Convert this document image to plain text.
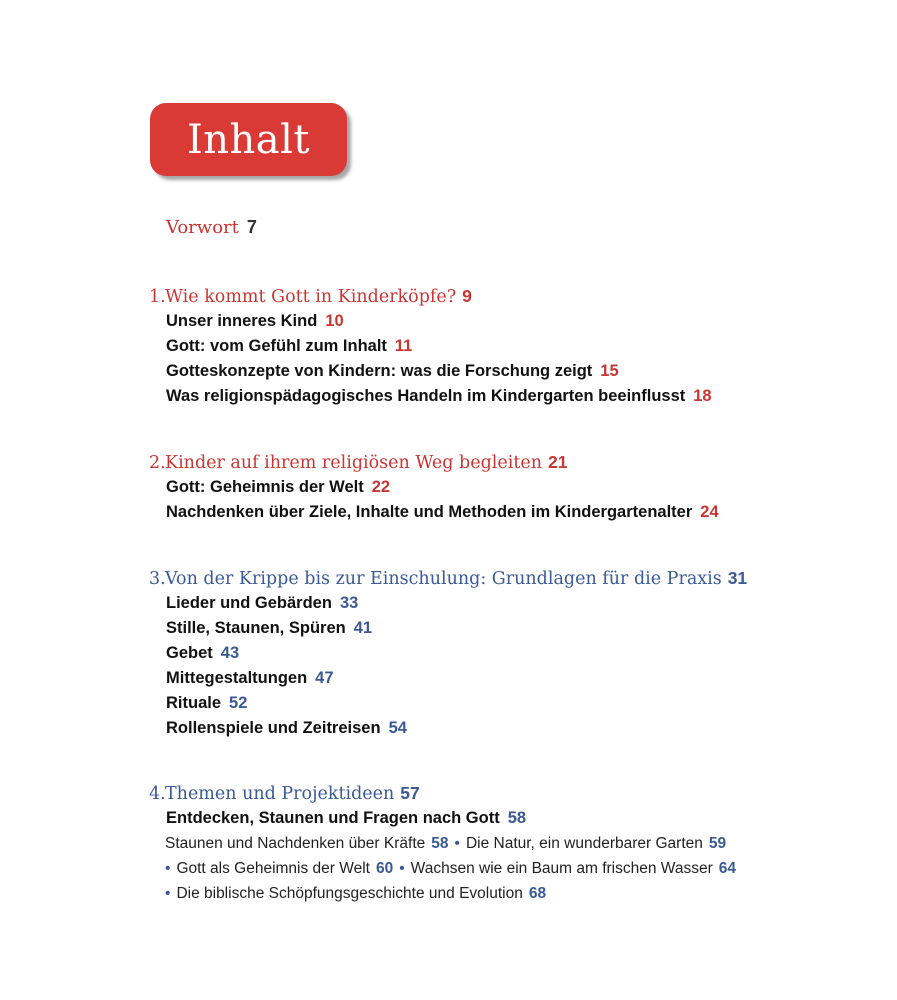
Inhalt
Vorwort 7
1.Wie kommt Gott in Kinderköpfe? 9
Unser inneres Kind 10
Gott: vom Gefühl zum Inhalt 11
Gotteskonzepte von Kindern: was die Forschung zeigt 15
Was religionspädagogisches Handeln im Kindergarten beeinflusst 18
2.Kinder auf ihrem religiösen Weg begleiten 21
Gott: Geheimnis der Welt 22
Nachdenken über Ziele, Inhalte und Methoden im Kindergartenalter 24
3.Von der Krippe bis zur Einschulung: Grundlagen für die Praxis 31
Lieder und Gebärden 33
Stille, Staunen, Spüren 41
Gebet 43
Mittegestaltungen 47
Rituale 52
Rollenspiele und Zeitreisen 54
4.Themen und Projektideen 57
Entdecken, Staunen und Fragen nach Gott 58
Staunen und Nachdenken über Kräfte 58 • Die Natur, ein wunderbarer Garten 59
• Gott als Geheimnis der Welt 60 • Wachsen wie ein Baum am frischen Wasser 64
• Die biblische Schöpfungsgeschichte und Evolution 68
